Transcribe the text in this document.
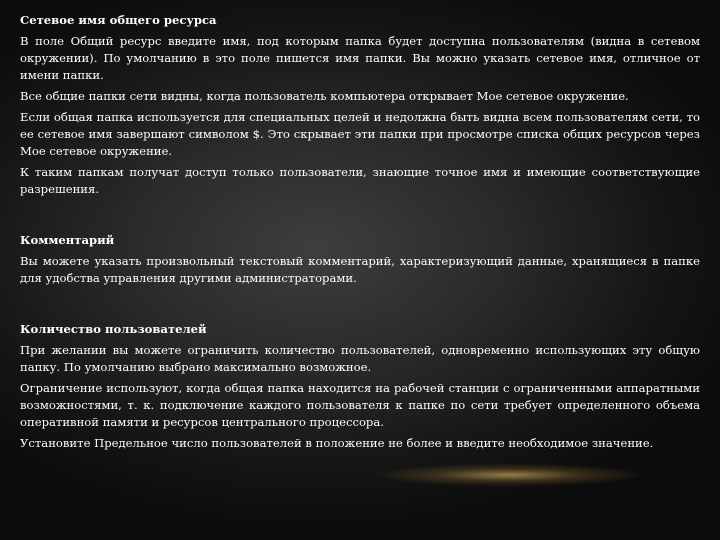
Сетевое имя общего ресурса

В поле Общий ресурс введите имя, под которым папка будет доступна пользователям (видна в сетевом окружении). По умолчанию в это поле пишется имя папки. Вы можно указать сетевое имя, отличное от имени папки.

Все общие папки сети видны, когда пользователь компьютера открывает Мое сетевое окружение.

Если общая папка используется для специальных целей и недолжна быть видна всем пользователям сети, то ее сетевое имя завершают символом $. Это скрывает эти папки при просмотре списка общих ресурсов через Мое сетевое окружение.

К таким папкам получат доступ только пользователи, знающие точное имя и имеющие соответствующие разрешения.

Комментарий

Вы можете указать произвольный текстовый комментарий, характеризующий данные, хранящиеся в папке для удобства управления другими администраторами.

Количество пользователей

При желании вы можете ограничить количество пользователей, одновременно использующих эту общую папку. По умолчанию выбрано максимально возможное.

Ограничение используют, когда общая папка находится на рабочей станции с ограниченными аппаратными возможностями, т. к. подключение каждого пользователя к папке по сети требует определенного объема оперативной памяти и ресурсов центрального процессора.

Установите Предельное число пользователей в положение не более и введите необходимое значение.
